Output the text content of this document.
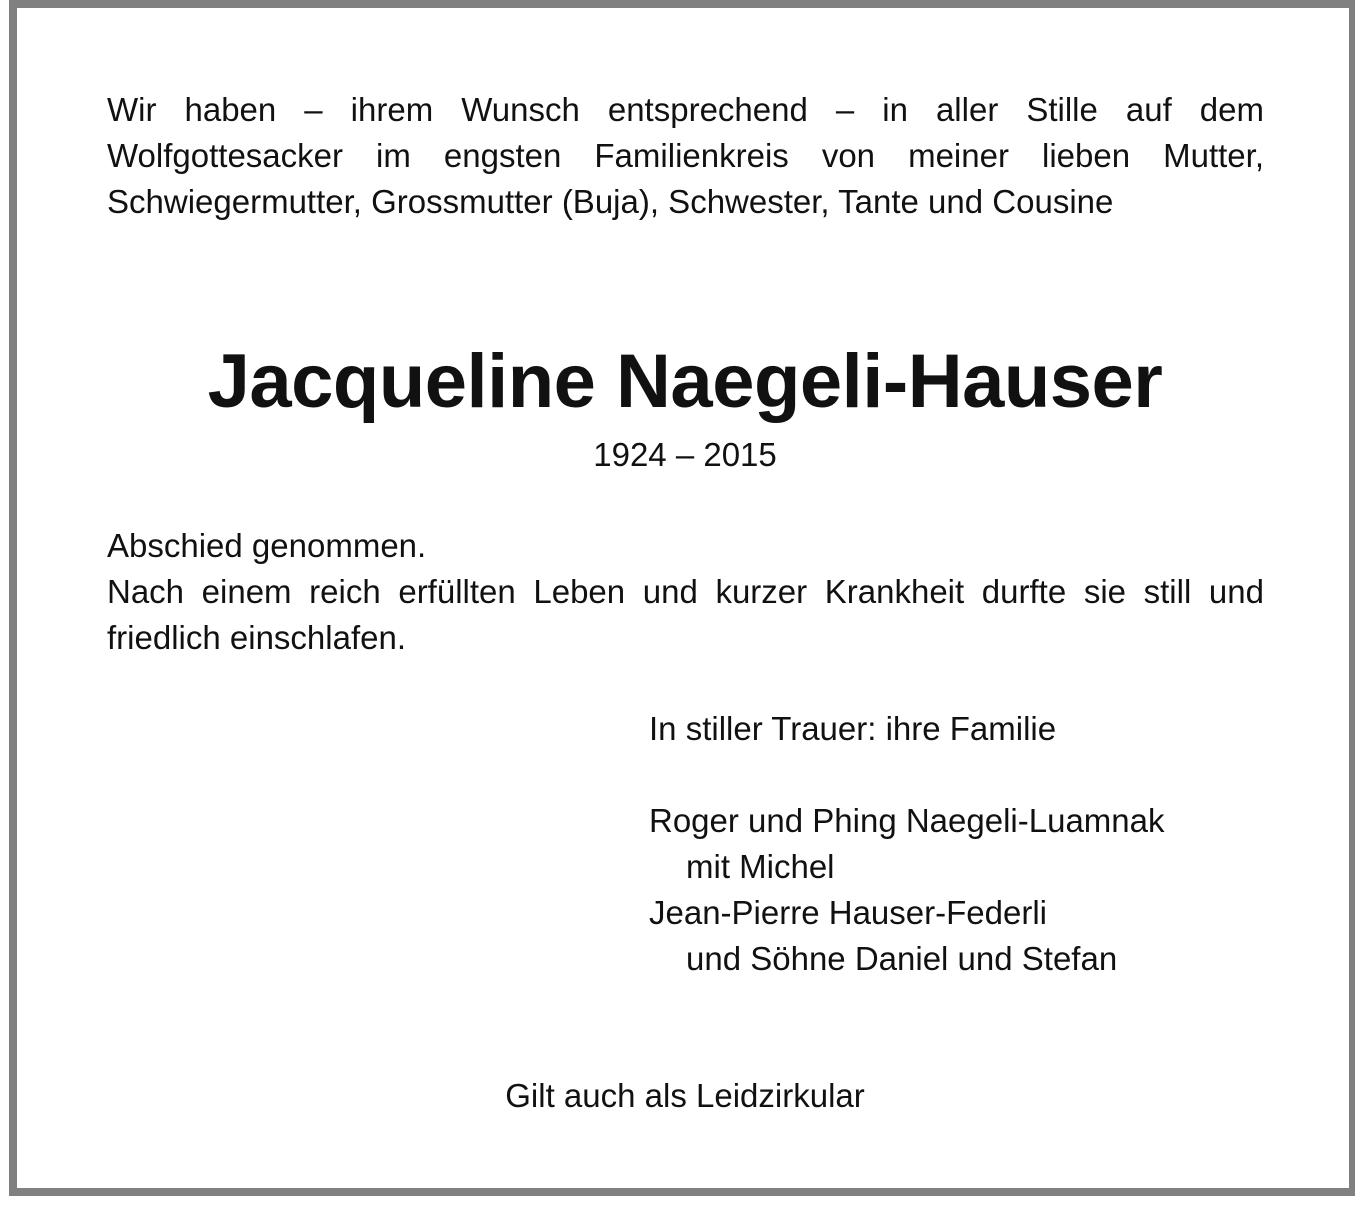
Wir haben – ihrem Wunsch entsprechend – in aller Stille auf dem Wolfgottesacker im engsten Familienkreis von meiner lieben Mutter, Schwiegermutter, Grossmutter (Buja), Schwester, Tante und Cousine

Jacqueline Naegeli-Hauser

1924 – 2015

Abschied genommen.
Nach einem reich erfüllten Leben und kurzer Krankheit durfte sie still und friedlich einschlafen.

In stiller Trauer: ihre Familie

Roger und Phing Naegeli-Luamnak

mit Michel

Jean-Pierre Hauser-Federli

und Söhne Daniel und Stefan

Gilt auch als Leidzirkular
